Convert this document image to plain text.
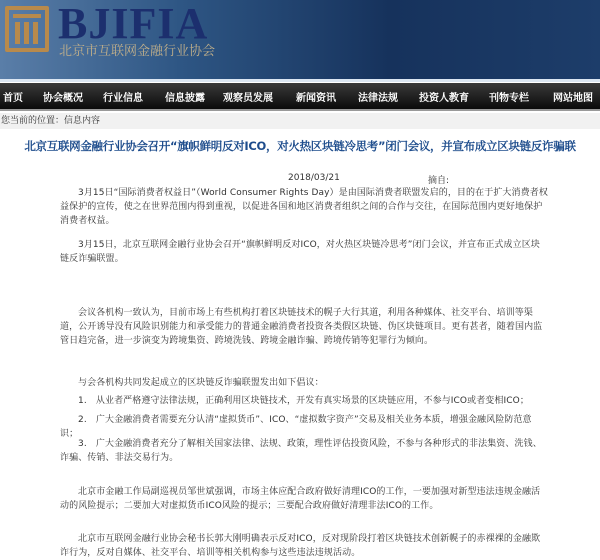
BJIFIA
北京市互联网金融行业协会
首页	协会概况	行业信息	信息披露	观察员发展	新闻资讯	法律法规	投资人教育	刊物专栏	网站地图
您当前的位置：信息内容
北京互联网金融行业协会召开“旗帜鲜明反对ICO，对火热区块链冷思考”闭门会议，并宣布成立区块链反诈骗联
2018/03/21	摘自:
3月15日“国际消费者权益日”（World Consumer Rights Day）是由国际消费者联盟发启的，目的在于扩大消费者权益保护的宣传，使之在世界范围内得到重视，以促进各国和地区消费者组织之间的合作与交往，在国际范围内更好地保护消费者权益。
3月15日，北京互联网金融行业协会召开“旗帜鲜明反对ICO，对火热区块链冷思考”闭门会议，并宣布正式成立区块链反诈骗联盟。
会议各机构一致认为，目前市场上有些机构打着区块链技术的幌子大行其道，利用各种媒体、社交平台、培训等渠道，公开诱导没有风险识别能力和承受能力的普通金融消费者投资各类假区块链、伪区块链项目。更有甚者，随着国内监管日趋完备，进一步演变为跨境集资、跨境洗钱、跨境金融诈骗、跨境传销等犯罪行为倾向。
与会各机构共同发起成立的区块链反诈骗联盟发出如下倡议：
1.　从业者严格遵守法律法规，正确利用区块链技术，开发有真实场景的区块链应用，不参与ICO或者变相ICO；
2.　广大金融消费者需要充分认清“虚拟货币”、ICO、“虚拟数字资产”交易及相关业务本质，增强金融风险防范意识；
3.　广大金融消费者充分了解相关国家法律、法规、政策，理性评估投资风险，不参与各种形式的非法集资、洗钱、诈骗、传销、非法交易行为。
北京市金融工作局副巡视员邹世斌强调，市场主体应配合政府做好清理ICO的工作，一要加强对新型违法违规金融活动的风险提示；二要加大对虚拟货币ICO风险的提示；三要配合政府做好清理非法ICO的工作。
北京市互联网金融行业协会秘书长郭大刚明确表示反对ICO，反对现阶段打着区块链技术创新幌子的赤裸裸的金融欺诈行为，反对自媒体、社交平台、培训等相关机构参与这些违法违规活动。
